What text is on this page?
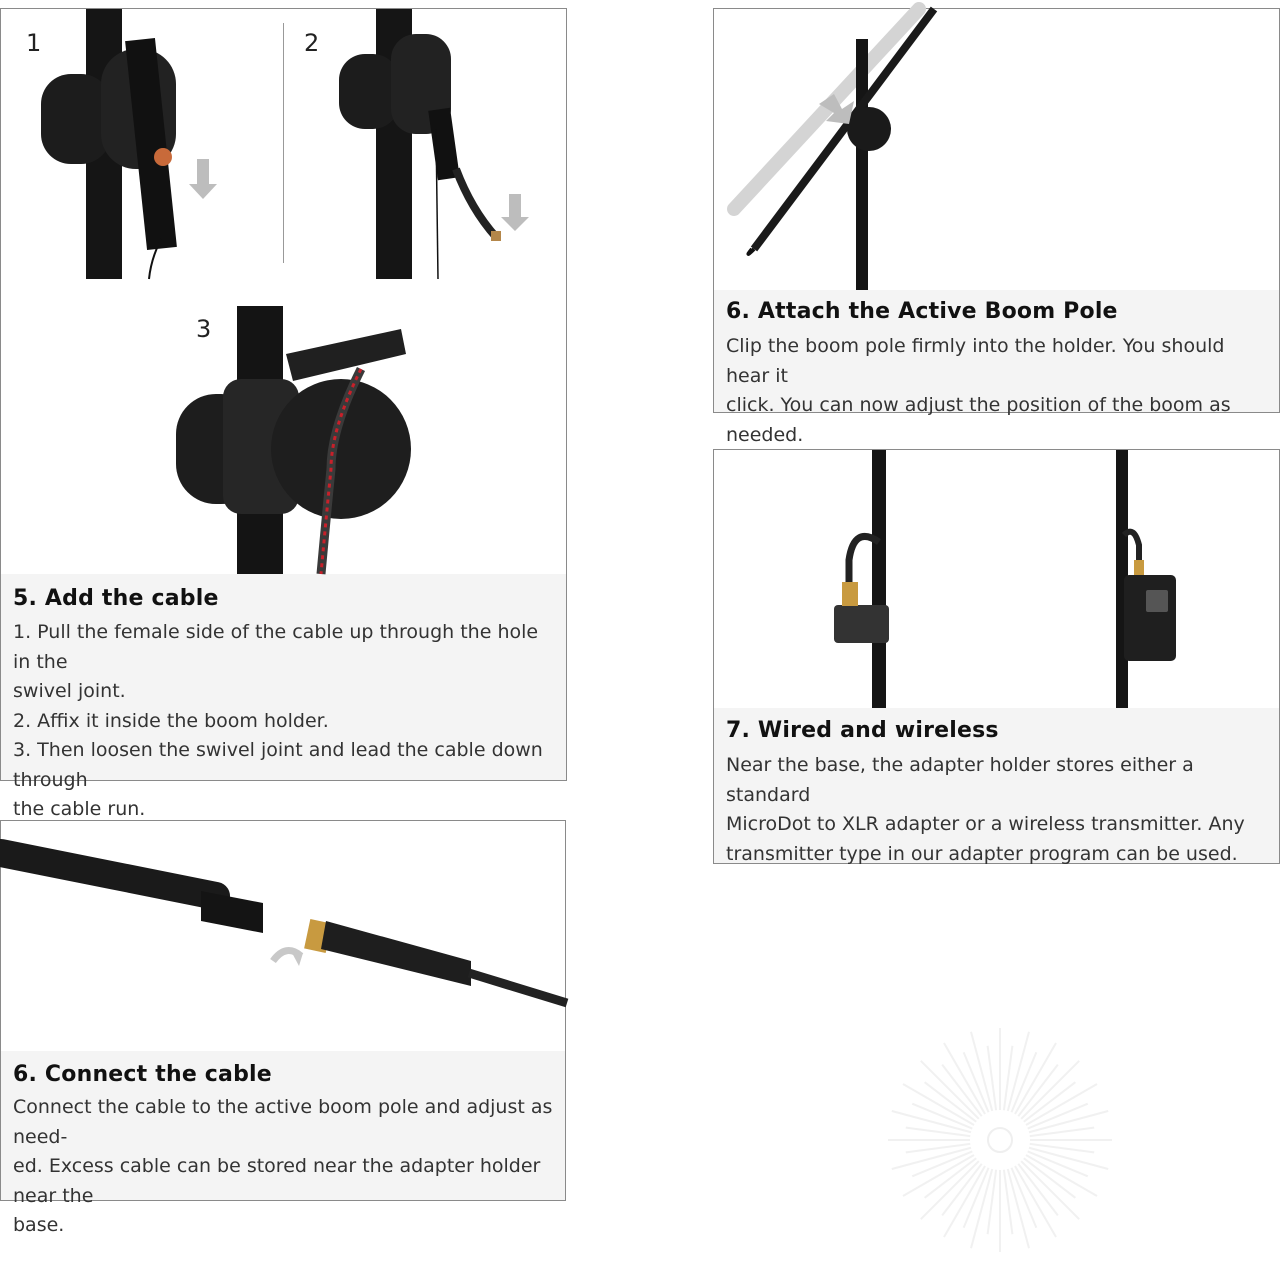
1	2
3
5. Add the cable

1. Pull the female side of the cable up through the hole in the

swivel joint.

2. Affix it inside the boom holder.

3. Then loosen the swivel joint and lead the cable down through

the cable run.

6. Connect the cable

Connect the cable to the active boom pole and adjust as need-

ed. Excess cable can be stored near the adapter holder near the

base.

6. Attach the Active Boom Pole

Clip the boom pole firmly into the holder. You should hear it

click. You can now adjust the position of the boom as needed.

7. Wired and wireless

Near the base, the adapter holder stores either a standard

MicroDot to XLR adapter or a wireless transmitter. Any

transmitter type in our adapter program can be used.
